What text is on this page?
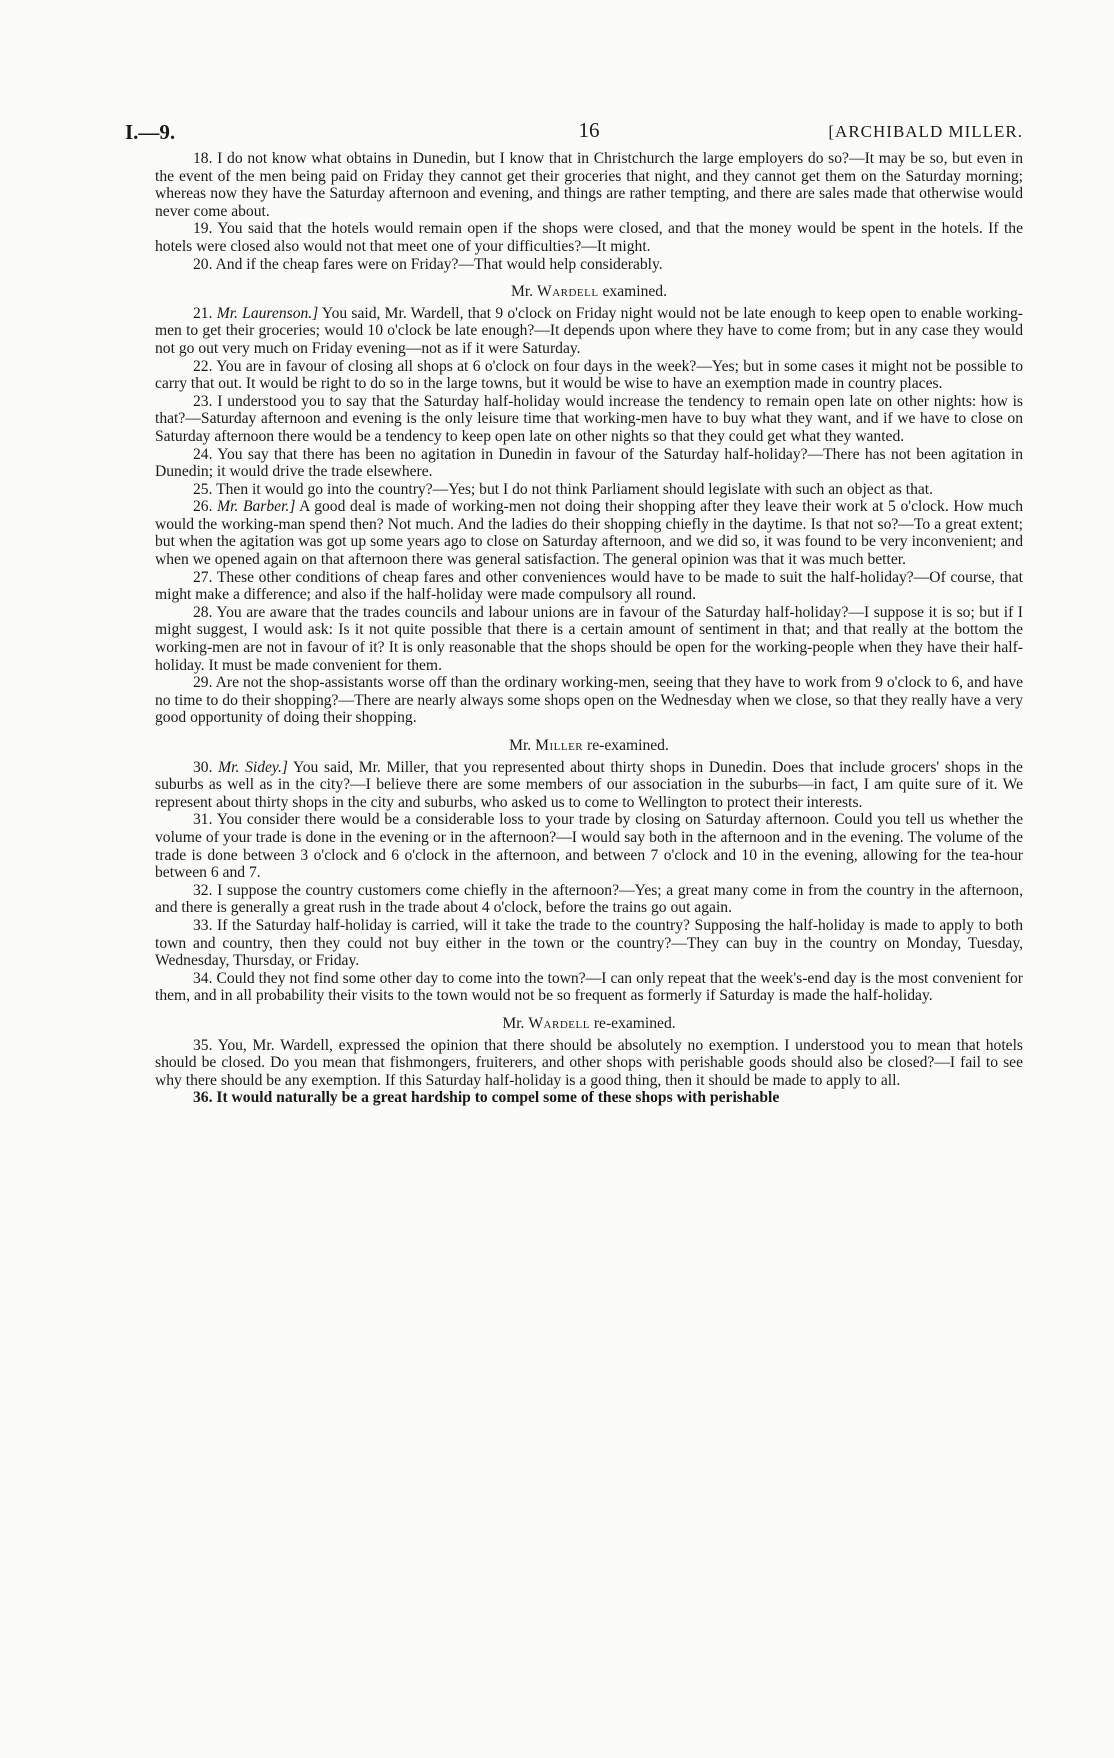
I.—9.	16	[ARCHIBALD MILLER.

18. I do not know what obtains in Dunedin, but I know that in Christchurch the large employers do so?—It may be so, but even in the event of the men being paid on Friday they cannot get their groceries that night, and they cannot get them on the Saturday morning; whereas now they have the Saturday afternoon and evening, and things are rather tempting, and there are sales made that otherwise would never come about.

19. You said that the hotels would remain open if the shops were closed, and that the money would be spent in the hotels. If the hotels were closed also would not that meet one of your difficulties?—It might.

20. And if the cheap fares were on Friday?—That would help considerably.

Mr. Wardell examined.

21. Mr. Laurenson.] You said, Mr. Wardell, that 9 o'clock on Friday night would not be late enough to keep open to enable working-men to get their groceries; would 10 o'clock be late enough?—It depends upon where they have to come from; but in any case they would not go out very much on Friday evening—not as if it were Saturday.

22. You are in favour of closing all shops at 6 o'clock on four days in the week?—Yes; but in some cases it might not be possible to carry that out. It would be right to do so in the large towns, but it would be wise to have an exemption made in country places.

23. I understood you to say that the Saturday half-holiday would increase the tendency to remain open late on other nights: how is that?—Saturday afternoon and evening is the only leisure time that working-men have to buy what they want, and if we have to close on Saturday afternoon there would be a tendency to keep open late on other nights so that they could get what they wanted.

24. You say that there has been no agitation in Dunedin in favour of the Saturday half-holiday?—There has not been agitation in Dunedin; it would drive the trade elsewhere.

25. Then it would go into the country?—Yes; but I do not think Parliament should legislate with such an object as that.

26. Mr. Barber.] A good deal is made of working-men not doing their shopping after they leave their work at 5 o'clock. How much would the working-man spend then? Not much. And the ladies do their shopping chiefly in the daytime. Is that not so?—To a great extent; but when the agitation was got up some years ago to close on Saturday afternoon, and we did so, it was found to be very inconvenient; and when we opened again on that afternoon there was general satisfaction. The general opinion was that it was much better.

27. These other conditions of cheap fares and other conveniences would have to be made to suit the half-holiday?—Of course, that might make a difference; and also if the half-holiday were made compulsory all round.

28. You are aware that the trades councils and labour unions are in favour of the Saturday half-holiday?—I suppose it is so; but if I might suggest, I would ask: Is it not quite possible that there is a certain amount of sentiment in that; and that really at the bottom the working-men are not in favour of it? It is only reasonable that the shops should be open for the working-people when they have their half-holiday. It must be made convenient for them.

29. Are not the shop-assistants worse off than the ordinary working-men, seeing that they have to work from 9 o'clock to 6, and have no time to do their shopping?—There are nearly always some shops open on the Wednesday when we close, so that they really have a very good opportunity of doing their shopping.

Mr. Miller re-examined.

30. Mr. Sidey.] You said, Mr. Miller, that you represented about thirty shops in Dunedin. Does that include grocers' shops in the suburbs as well as in the city?—I believe there are some members of our association in the suburbs—in fact, I am quite sure of it. We represent about thirty shops in the city and suburbs, who asked us to come to Wellington to protect their interests.

31. You consider there would be a considerable loss to your trade by closing on Saturday afternoon. Could you tell us whether the volume of your trade is done in the evening or in the afternoon?—I would say both in the afternoon and in the evening. The volume of the trade is done between 3 o'clock and 6 o'clock in the afternoon, and between 7 o'clock and 10 in the evening, allowing for the tea-hour between 6 and 7.

32. I suppose the country customers come chiefly in the afternoon?—Yes; a great many come in from the country in the afternoon, and there is generally a great rush in the trade about 4 o'clock, before the trains go out again.

33. If the Saturday half-holiday is carried, will it take the trade to the country? Supposing the half-holiday is made to apply to both town and country, then they could not buy either in the town or the country?—They can buy in the country on Monday, Tuesday, Wednesday, Thursday, or Friday.

34. Could they not find some other day to come into the town?—I can only repeat that the week's-end day is the most convenient for them, and in all probability their visits to the town would not be so frequent as formerly if Saturday is made the half-holiday.

Mr. Wardell re-examined.

35. You, Mr. Wardell, expressed the opinion that there should be absolutely no exemption. I understood you to mean that hotels should be closed. Do you mean that fishmongers, fruiterers, and other shops with perishable goods should also be closed?—I fail to see why there should be any exemption. If this Saturday half-holiday is a good thing, then it should be made to apply to all.

36. It would naturally be a great hardship to compel some of these shops with perishable
